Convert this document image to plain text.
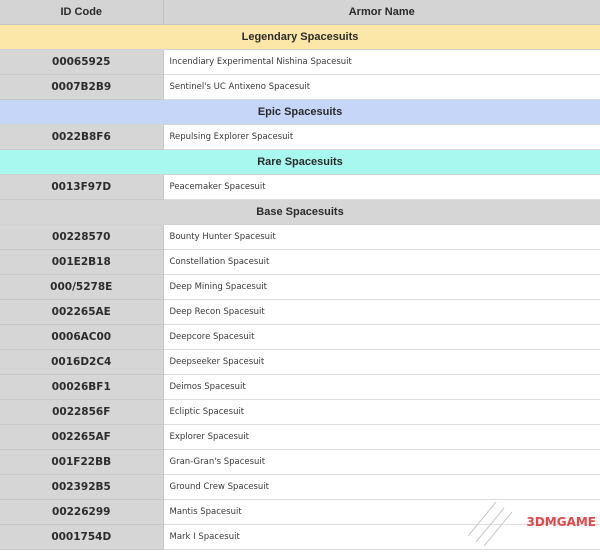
ID Code	Armor Name
Legendary Spacesuits	
00065925	Incendiary Experimental Nishina Spacesuit
0007B2B9	Sentinel's UC Antixeno Spacesuit
Epic Spacesuits	
0022B8F6	Repulsing Explorer Spacesuit
Rare Spacesuits	
0013F97D	Peacemaker Spacesuit
Base Spacesuits	
00228570	Bounty Hunter Spacesuit
001E2B18	Constellation Spacesuit
000/5278E	Deep Mining Spacesuit
002265AE	Deep Recon Spacesuit
0006AC00	Deepcore Spacesuit
0016D2C4	Deepseeker Spacesuit
00026BF1	Deimos Spacesuit
0022856F	Ecliptic Spacesuit
002265AF	Explorer Spacesuit
001F22BB	Gran-Gran's Spacesuit
002392B5	Ground Crew Spacesuit
00226299	Mantis Spacesuit
0001754D	Mark I Spacesuit
3DMGAME
